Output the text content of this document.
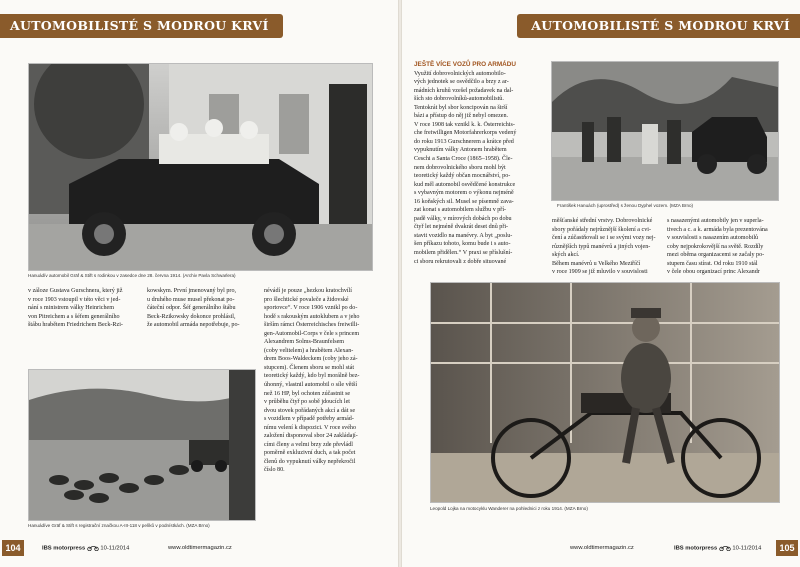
AUTOMOBILISTÉ S MODROU KRVÍ
Hanuádív automobil Gräf & Stift s rodinkou v zasedce dne 28. června 1914. (Archiv Pavla Schwarlera)

v záloze Gustava Gurschnera, který již

v roce 1903 vstoupil v této věci v jed-

nání s ministrem války Heinrichem

von Pitreichem a s šéfem generálního

štábu hrabětem Friedrichem Beck-Rzi-

kowskym. První jmenovaný byl pro,

u druhého muse musel překonat po-

čáteční odpor. Šéf generálního štábu

Beck-Rzikowsky dokonce prohlásil,

že automobil armáda nepotřebuje, po-

névádí je pouze „hezkou kratochvílí

pro šlechtické povaleče a židovské

sportovce“. V roce 1906 vznikl po do-

hodě s rakouským autoklubem a v jeho

širším rámci Österreichisches freiwilli-

gen-Automobil-Corps v čele s princem

Alexandrem Solms-Braunfelsem

(coby velitelem) a hrabětem Alexan-

drem Boos-Waldeckem (coby jeho zá-

stupcem). Členem sboru se mohl stát

teoretický každý, kdo byl morálně bez-

úhonný, vlastnil automobil o síle větší

než 16 HP, byl ochoten zúčastnit se

v průběhu čtyř po sobě jdoucích let

dvou stovek pořádaných akcí a dát se

s vozidlem v případě potřeby armád-

nímu velení k dispozici. V roce svého

založení disponoval sbor 24 zakládají-

cími členy a velmi brzy zde převládl

poměrně exkluzivní duch, a tak počet

členů do vypuknutí války nepřekročil

číslo 80.

Hanuádíve Gräf & Stift s registrační značkou A-III-118 v pelíků v podnístkách. (MZA Brno)
104	IBS motorpress	10-11/2014	www.oldtimermagazin.cz
AUTOMOBILISTÉ S MODROU KRVÍ

JEŠTĚ VÍCE VOZŮ PRO ARMÁDU

Využití dobrovolnických automobilo-

vých jednotek se osvědčilo a brzy z ar-

mádních kruhů vzešel požadavek na dal-

ších sto dobrovolníků-automobilistů.

Tentokrát byl sbor koncipován na širší

bázi a přístup do něj již nebyl omezen.

V roce 1908 tak vznikl k. k. Österreichis-

che freiwilligen Motorfahrerkorps vedený

do roku 1913 Gurschnerem a krátce před

vypuknutím války Antonem hrabětem

Ceschi a Santa Croce (1865–1958). Čle-

nem dobrovolnického sboru mohl být

teoretický každý občan mocnářství, po-

kud měl automobil osvědčené konstrukce

s vybavným motorem o výkonu nejméně

16 koňských sil. Musel se písemně zava-

zat konat s automobilem službu v pří-

padě války, v mírových dobách po dobu

čtyř let nejméně dvakrát deset dnů při-

stavit vozidlo na manévry. A byt „poslu-

šen příkazu tohoto, komu bude i s auto-

mobilem přidělen.“ V praxi se příslušní-

ci sboru rekrutovali z dobře situované

František Hanuách (uprostřed) s ženou Dyphel vozem. (MZA Brno)

měšťanské střední vrstvy. Dobrovolnické

sbory pořádaly nejrůznější školení a cvi-

čení a zúčastňovali se i se svými vozy nej-

různějších typů manévrů a jiných vojen-

ských akcí.

Během manévrů u Velkého Meziříčí

v roce 1909 se již mluvilo v souvislosti

s nasazenými automobily jen v superla-

tivech a c. a k. armáda byla prezentována

v souvislosti s nasazením automobilů

coby nejpokrokovější na světě. Rozdíly

mezi oběma organizacemi se začaly po-

stupem času stírat. Od roku 1910 stál

v čele obou organizací princ Alexandr

Leopold Lojka na motocyklu Wanderer na pohlednici z roku 1914. (MZA Brno)
www.oldtimermagazin.cz	IBS motorpress	10-11/2014	105
